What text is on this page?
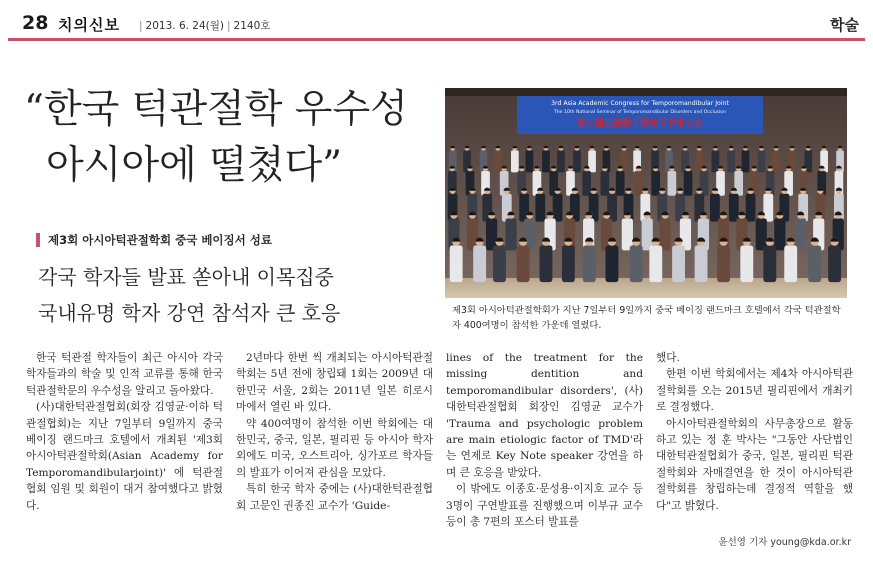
28 치의신보 | 2013. 6. 24(월) | 2140호	학술
“한국 턱관절학 우수성
아시아에 떨쳤다”
제3회 아시아턱관절학회 중국 베이징서 성료
각국 학자들 발표 쏟아내 이목집중
국내유명 학자 강연 참석자 큰 호응
3rd Asia Academic Congress for Temporomandibular Joint
The 10th National Seminar of Temporomandibular Disorders and Occlusion
第三届亚洲颞下颌关节学术大会
제3회 아시아턱관절학회가 지난 7일부터 9일까지 중국 베이징 랜드마크 호텔에서 각국 턱관절학자 400여명이 참석한 가운데 열렸다.

한국 턱관절 학자들이 최근 아시아 각국 학자들과의 학술 및 인적 교류를 통해 한국 턱관절학문의 우수성을 알리고 돌아왔다.

(사)대한턱관절협회(회장 김영균·이하 턱관절협회)는 지난 7일부터 9일까지 중국 베이징 랜드마크 호텔에서 개최된 '제3회 아시아턱관절학회(Asian Academy for Temporomandibularjoint)' 에 턱관절협회 임원 및 회원이 대거 참여했다고 밝혔다.

2년마다 한번 씩 개최되는 아시아턱관절학회는 5년 전에 창립돼 1회는 2009년 대한민국 서울, 2회는 2011년 일본 히로시마에서 열린 바 있다.

약 400여명이 참석한 이번 학회에는 대한민국, 중국, 일본, 필리핀 등 아시아 학자 외에도 미국, 오스트리아, 싱가포르 학자들의 발표가 이어져 관심을 모았다.

특히 한국 학자 중에는 (사)대한턱관절협회 고문인 권종진 교수가 'Guide-

lines of the treatment for the missing dentition and temporomandibular disorders', (사)대한턱관절협회 회장인 김영균 교수가 'Trauma and psychologic problem are main etiologic factor of TMD'라는 연제로 Key Note speaker 강연을 하며 큰 호응을 받았다.

이 밖에도 이종호·문성용·이지호 교수 등 3명이 구연발표를 진행했으며 이부규 교수 등이 총 7편의 포스터 발표를

했다.

한편 이번 학회에서는 제4차 아시아턱관절학회를 오는 2015년 필리핀에서 개최키로 결정했다.

아시아턱관절학회의 사무총장으로 활동하고 있는 정 훈 박사는 "그동안 사단법인 대한턱관절협회가 중국, 일본, 필리핀 턱관절학회와 자매결연을 한 것이 아시아턱관절학회를 창립하는데 결정적 역할을 했다"고 밝혔다.

윤선영 기자 young@kda.or.kr
